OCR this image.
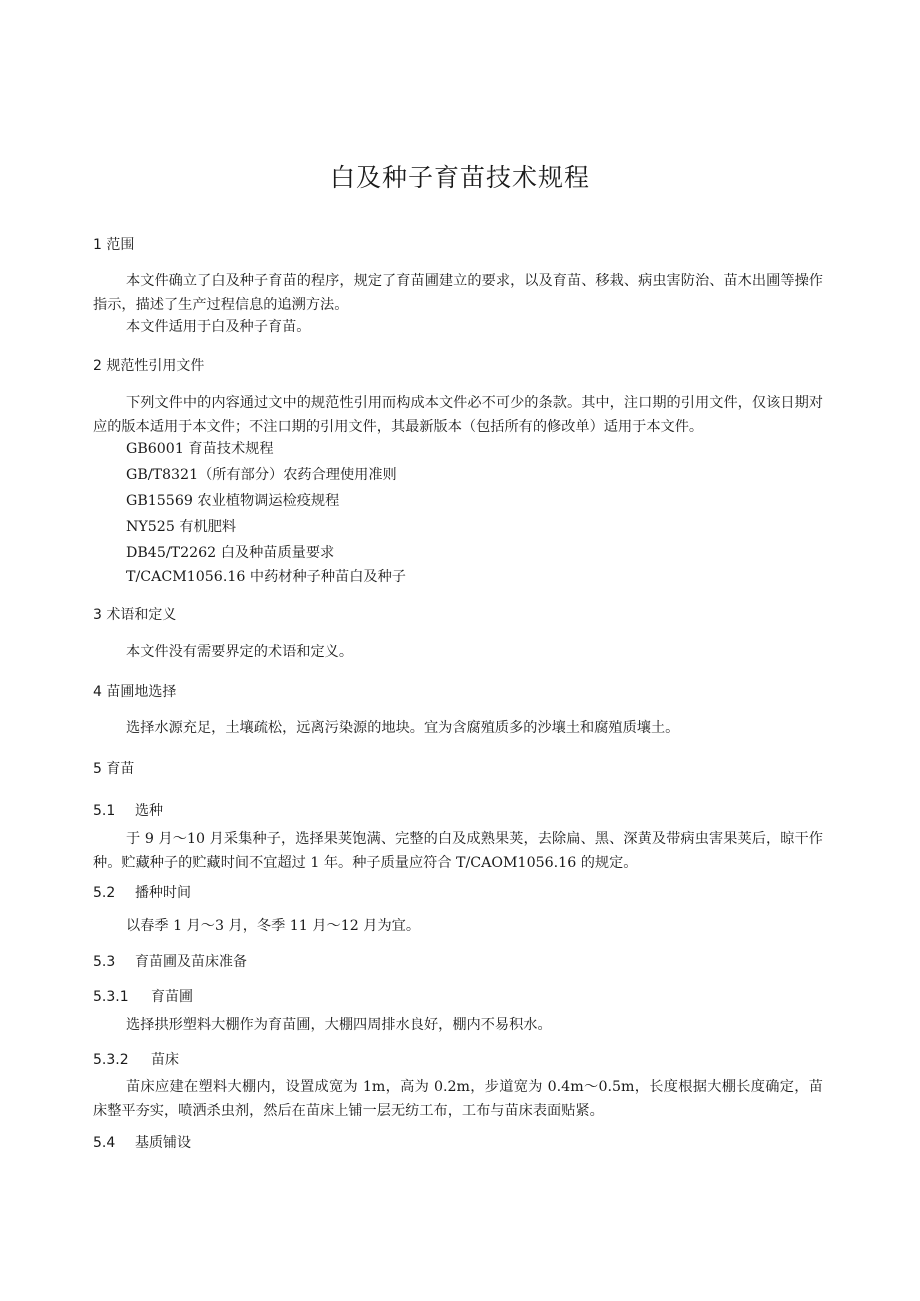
白及种子育苗技术规程
1 范围
本文件确立了白及种子育苗的程序，规定了育苗圃建立的要求，以及育苗、移栽、病虫害防治、苗木出圃等操作指示，描述了生产过程信息的追溯方法。
本文件适用于白及种子育苗。
2 规范性引用文件
下列文件中的内容通过文中的规范性引用而构成本文件必不可少的条款。其中，注口期的引用文件，仅该日期对应的版本适用于本文件；不注口期的引用文件，其最新版本（包括所有的修改单）适用于本文件。
GB6001 育苗技术规程
GB/T8321（所有部分）农药合理使用准则
GB15569 农业植物调运检疫规程
NY525 有机肥料
DB45/T2262 白及种苗质量要求
T/CACM1056.16 中药材种子种苗白及种子
3 术语和定义
本文件没有需要界定的术语和定义。
4 苗圃地选择
选择水源充足，土壤疏松，远离污染源的地块。宜为含腐殖质多的沙壤土和腐殖质壤土。
5 育苗
5.1 选种
于 9 月～10 月采集种子，选择果荚饱满、完整的白及成熟果荚，去除扁、黑、深黄及带病虫害果荚后，晾干作种。贮藏种子的贮藏时间不宜超过 1 年。种子质量应符合 T/CAOM1056.16 的规定。
5.2 播种时间
以春季 1 月～3 月，冬季 11 月～12 月为宜。
5.3 育苗圃及苗床准备
5.3.1 育苗圃
选择拱形塑料大棚作为育苗圃，大棚四周排水良好，棚内不易积水。
5.3.2 苗床
苗床应建在塑料大棚内，设置成宽为 1m，高为 0.2m，步道宽为 0.4m～0.5m，长度根据大棚长度确定，苗床整平夯实，喷洒杀虫剂，然后在苗床上铺一层无纺工布，工布与苗床表面贴紧。
5.4 基质铺设
